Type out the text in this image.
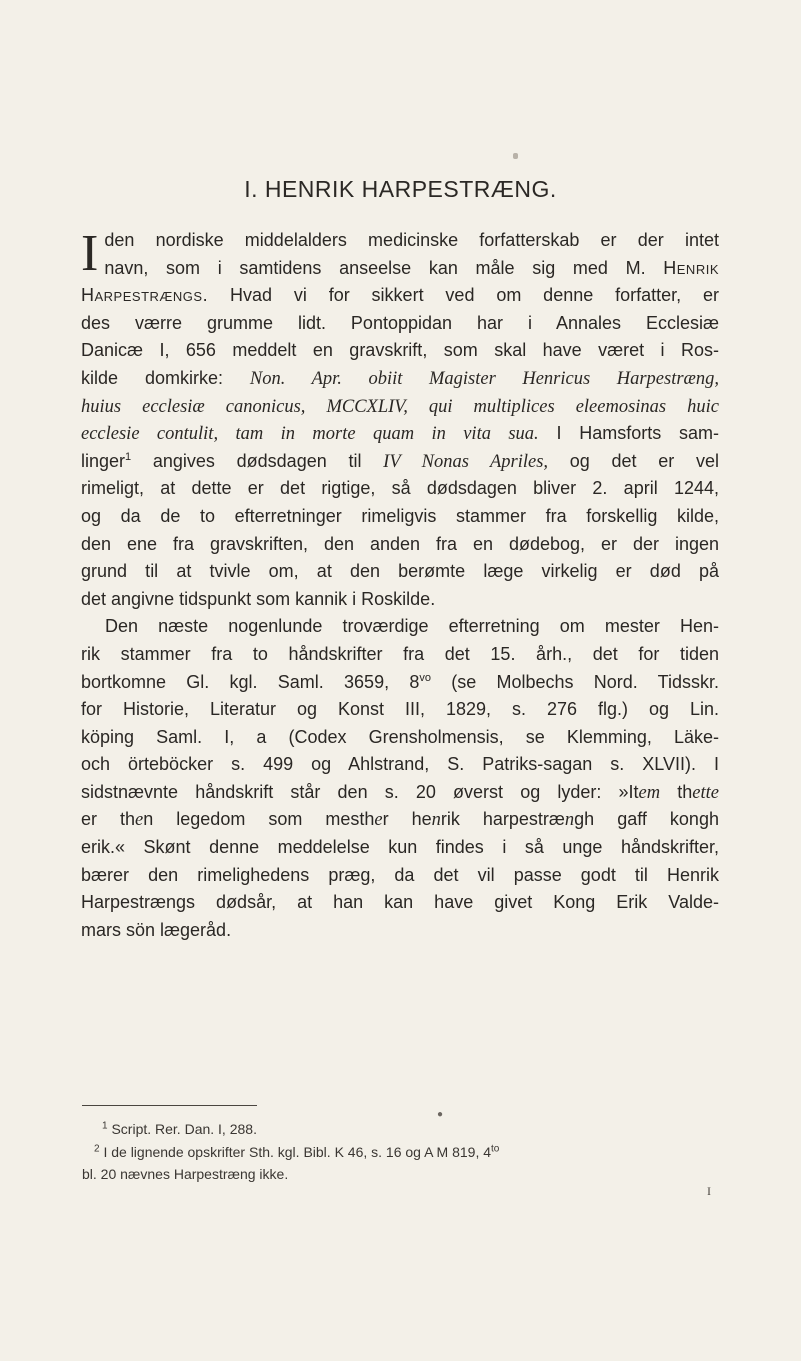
I. HENRIK HARPESTRÆNG.
I den nordiske middelalders medicinske forfatterskab er der intet
navn, som i samtidens anseelse kan måle sig med M. Henrik
Harpestrængs. Hvad vi for sikkert ved om denne forfatter, er
des værre grumme lidt. Pontoppidan har i Annales Ecclesiæ
Danicæ I, 656 meddelt en gravskrift, som skal have været i Ros-
kilde domkirke: Non. Apr. obiit Magister Henricus Harpestræng,
huius ecclesiæ canonicus, MCCXLIV, qui multiplices eleemosinas huic
ecclesie contulit, tam in morte quam in vita sua. I Hamsforts sam-
linger$^1$ angives dødsdagen til IV Nonas Apriles, og det er vel
rimeligt, at dette er det rigtige, så dødsdagen bliver 2. april 1244,
og da de to efterretninger rimeligvis stammer fra forskellig kilde,
den ene fra gravskriften, den anden fra en dødebog, er der ingen
grund til at tvivle om, at den berømte læge virkelig er død på
det angivne tidspunkt som kannik i Roskilde.
Den næste nogenlunde troværdige efterretning om mester Hen-
rik stammer fra to håndskrifter fra det 15. årh., det for tiden
bortkomne Gl. kgl. Saml. 3659, $8^{vo}$ (se Molbechs Nord. Tidsskr.
for Historie, Literatur og Konst III, 1829, s. 276 flg.) og Lin.
köping Saml. I, a (Codex Grensholmensis, se Klemming, Läke-
och örteböcker s. 499 og Ahlstrand, S. Patriks-sagan s. XLVII). I
sidstnævnte håndskrift står den s. 20 øverst og lyder: »Item thette
er then legedom som mesther henrik harpestrængh gaff kongh
erik.« Skønt denne meddelelse kun findes i så unge håndskrifter,
bærer den rimelighedens præg, da det vil passe godt til Henrik
Harpestrængs dødsår, at han kan have givet Kong Erik Valde-
mars sön lægeråd.
●
$^1$ Script. Rer. Dan. I, 288.
$^2$ I de lignende opskrifter Sth. kgl. Bibl. K 46, s. 16 og A M 819, $4^{to}$
bl. 20 nævnes Harpestræng ikke.
I
